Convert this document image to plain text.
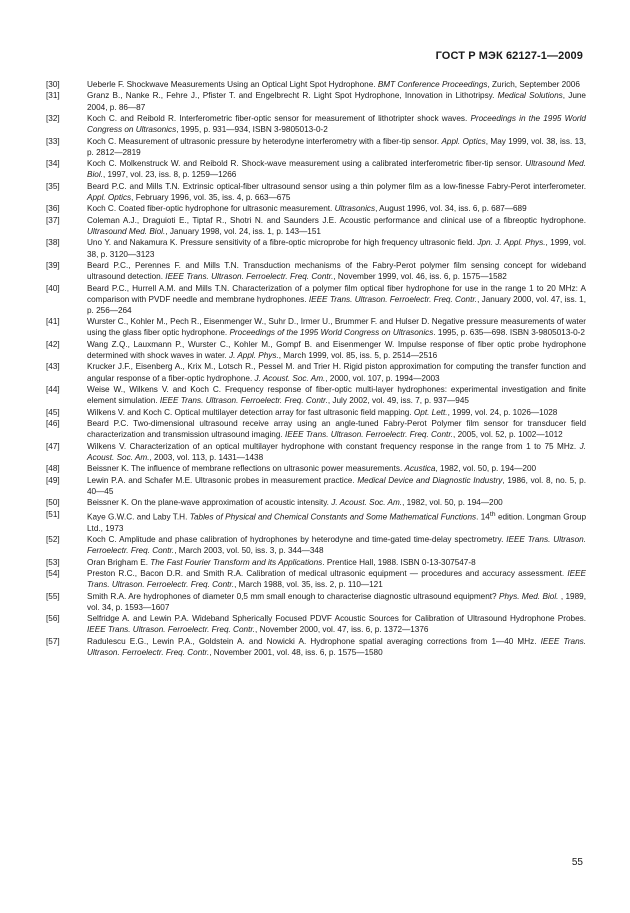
ГОСТ Р МЭК 62127-1—2009
[30]	Ueberle F. Shockwave Measurements Using an Optical Light Spot Hydrophone. BMT Conference Proceedings, Zurich, September 2006
[31]	Granz B., Nanke R., Fehre J., Pfister T. and Engelbrecht R. Light Spot Hydrophone, Innovation in Lithotripsy. Medical Solutions, June 2004, p. 86—87
[32]	Koch C. and Reibold R. Interferometric fiber-optic sensor for measurement of lithotripter shock waves. Proceedings in the 1995 World Congress on Ultrasonics, 1995, p. 931—934, ISBN 3-9805013-0-2
[33]	Koch C. Measurement of ultrasonic pressure by heterodyne interferometry with a fiber-tip sensor. Appl. Optics, May 1999, vol. 38, iss. 13, p. 2812—2819
[34]	Koch C. Molkenstruck W. and Reibold R. Shock-wave measurement using a calibrated interferometric fiber-tip sensor. Ultrasound Med. Biol., 1997, vol. 23, iss. 8, p. 1259—1266
[35]	Beard P.C. and Mills T.N. Extrinsic optical-fiber ultrasound sensor using a thin polymer film as a low-finesse Fabry-Perot interferometer. Appl. Optics, February 1996, vol. 35, iss. 4, p. 663—675
[36]	Koch C. Coated fiber-optic hydrophone for ultrasonic measurement. Ultrasonics, August 1996, vol. 34, iss. 6, p. 687—689
[37]	Coleman A.J., Draguioti E., Tiptaf R., Shotri N. and Saunders J.E. Acoustic performance and clinical use of a fibreoptic hydrophone. Ultrasound Med. Biol., January 1998, vol. 24, iss. 1, p. 143—151
[38]	Uno Y. and Nakamura K. Pressure sensitivity of a fibre-optic microprobe for high frequency ultrasonic field. Jpn. J. Appl. Phys., 1999, vol. 38, p. 3120—3123
[39]	Beard P.C., Perennes F. and Mills T.N. Transduction mechanisms of the Fabry-Perot polymer film sensing concept for wideband ultrasound detection. IEEE Trans. Ultrason. Ferroelectr. Freq. Contr., November 1999, vol. 46, iss. 6, p. 1575—1582
[40]	Beard P.C., Hurrell A.M. and Mills T.N. Characterization of a polymer film optical fiber hydrophone for use in the range 1 to 20 MHz: A comparison with PVDF needle and membrane hydrophones. IEEE Trans. Ultrason. Ferroelectr. Freq. Contr., January 2000, vol. 47, iss. 1, p. 256—264
[41]	Wurster C., Kohler M., Pech R., Eisenmenger W., Suhr D., Irmer U., Brummer F. and Hulser D. Negative pressure measurements of water using the glass fiber optic hydrophone. Proceedings of the 1995 World Congress on Ultrasonics. 1995, p. 635—698. ISBN 3-9805013-0-2
[42]	Wang Z.Q., Lauxmann P., Wurster C., Kohler M., Gompf B. and Eisenmenger W. Impulse response of fiber optic probe hydrophone determined with shock waves in water. J. Appl. Phys., March 1999, vol. 85, iss. 5, p. 2514—2516
[43]	Krucker J.F., Eisenberg A., Krix M., Lotsch R., Pessel M. and Trier H. Rigid piston approximation for computing the transfer function and angular response of a fiber-optic hydrophone. J. Acoust. Soc. Am., 2000, vol. 107, p. 1994—2003
[44]	Weise W., Wilkens V. and Koch C. Frequency response of fiber-optic multi-layer hydrophones: experimental investigation and finite element simulation. IEEE Trans. Ultrason. Ferroelectr. Freq. Contr., July 2002, vol. 49, iss. 7, p. 937—945
[45]	Wilkens V. and Koch C. Optical multilayer detection array for fast ultrasonic field mapping. Opt. Lett., 1999, vol. 24, p. 1026—1028
[46]	Beard P.C. Two-dimensional ultrasound receive array using an angle-tuned Fabry-Perot Polymer film sensor for transducer field characterization and transmission ultrasound imaging. IEEE Trans. Ultrason. Ferroelectr. Freq. Contr., 2005, vol. 52, p. 1002—1012
[47]	Wilkens V. Characterization of an optical multilayer hydrophone with constant frequency response in the range from 1 to 75 MHz. J. Acoust. Soc. Am., 2003, vol. 113, p. 1431—1438
[48]	Beissner K. The influence of membrane reflections on ultrasonic power measurements. Acustica, 1982, vol. 50, p. 194—200
[49]	Lewin P.A. and Schafer M.E. Ultrasonic probes in measurement practice. Medical Device and Diagnostic Industry, 1986, vol. 8, no. 5, p. 40—45
[50]	Beissner K. On the plane-wave approximation of acoustic intensity. J. Acoust. Soc. Am., 1982, vol. 50, p. 194—200
[51]	Kaye G.W.C. and Laby T.H. Tables of Physical and Chemical Constants and Some Mathematical Functions. 14th edition. Longman Group Ltd., 1973
[52]	Koch C. Amplitude and phase calibration of hydrophones by heterodyne and time-gated time-delay spectrometry. IEEE Trans. Ultrason. Ferroelectr. Freq. Contr., March 2003, vol. 50, iss. 3, p. 344—348
[53]	Oran Brigham E. The Fast Fourier Transform and its Applications. Prentice Hall, 1988. ISBN 0-13-307547-8
[54]	Preston R.C., Bacon D.R. and Smith R.A. Calibration of medical ultrasonic equipment — procedures and accuracy assessment. IEEE Trans. Ultrason. Ferroelectr. Freq. Contr., March 1988, vol. 35, iss. 2, p. 110—121
[55]	Smith R.A. Are hydrophones of diameter 0,5 mm small enough to characterise diagnostic ultrasound equipment? Phys. Med. Biol. , 1989, vol. 34, p. 1593—1607
[56]	Selfridge A. and Lewin P.A. Wideband Spherically Focused PDVF Acoustic Sources for Calibration of Ultrasound Hydrophone Probes. IEEE Trans. Ultrason. Ferroelectr. Freq. Contr., November 2000, vol. 47, iss. 6, p. 1372—1376
[57]	Radulescu E.G., Lewin P.A., Goldstein A. and Nowicki A. Hydrophone spatial averaging corrections from 1—40 MHz. IEEE Trans. Ultrason. Ferroelectr. Freq. Contr., November 2001, vol. 48, iss. 6, p. 1575—1580
55
